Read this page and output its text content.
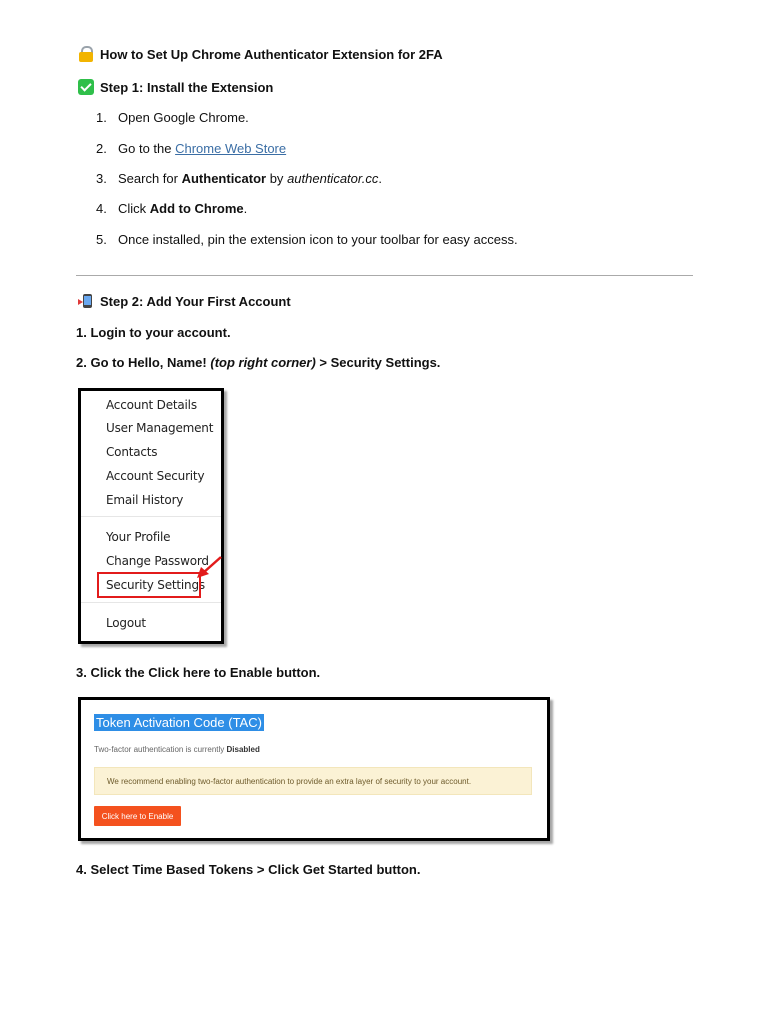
How to Set Up Chrome Authenticator Extension for 2FA
Step 1: Install the Extension
1. Open Google Chrome.
2. Go to the Chrome Web Store
3. Search for Authenticator by authenticator.cc .
4. Click Add to Chrome .
5. Once installed, pin the extension icon to your toolbar for easy access.
Step 2: Add Your First Account
1. Login to your account.
2. Go to Hello, Name! (top right corner) > Security Settings.
Account Details
User Management
Contacts
Account Security
Email History
Your Profile
Change Password
Security Settings
Logout
3. Click the Click here to Enable button.
Token Activation Code (TAC)
Two-factor authentication is currently Disabled
We recommend enabling two-factor authentication to provide an extra layer of security to your account.
Click here to Enable
4. Select Time Based Tokens > Click Get Started button.
